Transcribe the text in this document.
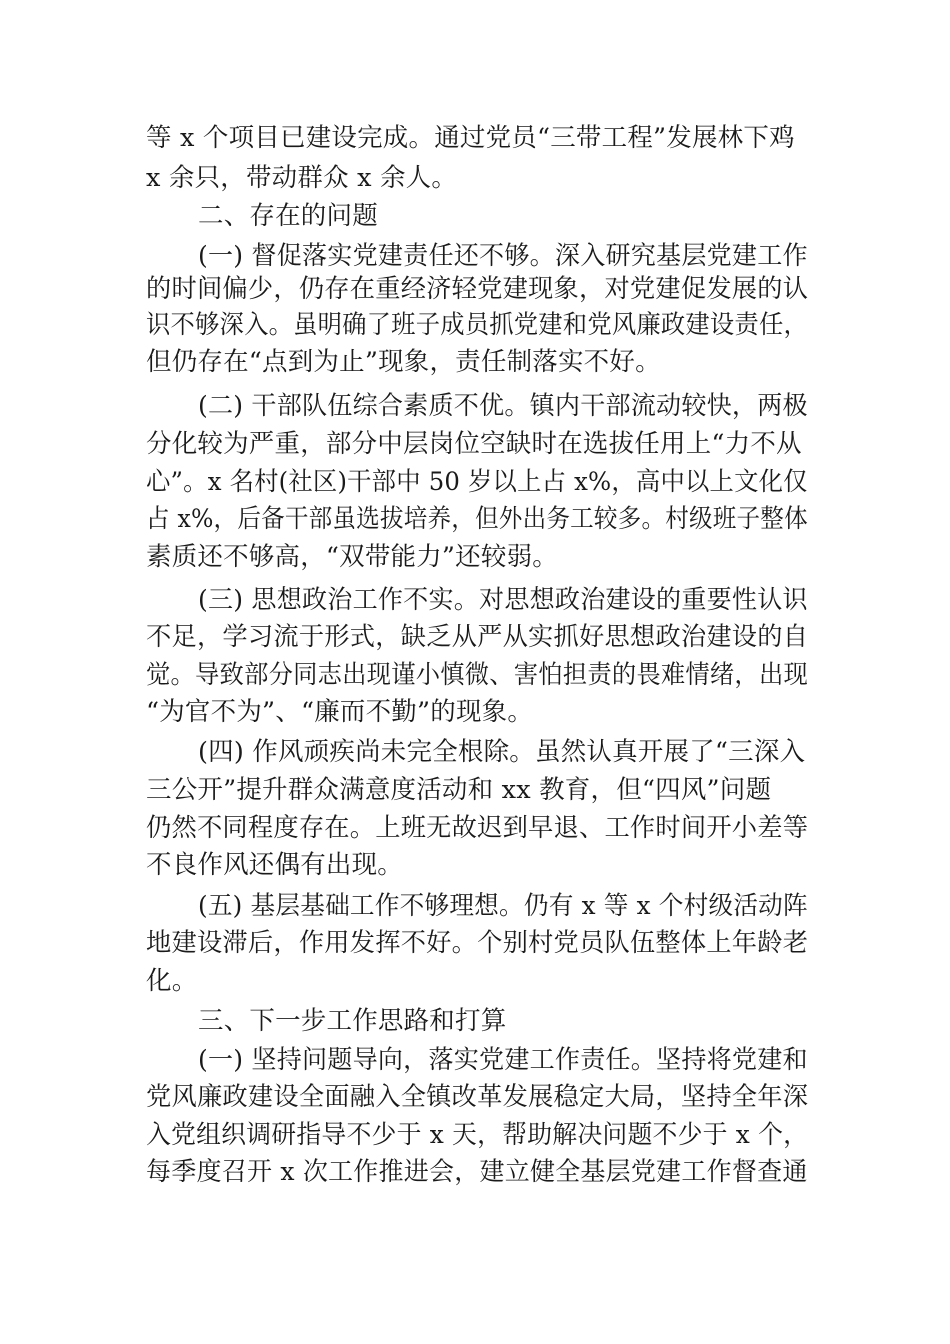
等 x 个项目已建设完成。通过党员“三带工程”发展林下鸡
x 余只，带动群众 x 余人。
二、存在的问题
(一) 督促落实党建责任还不够。深入研究基层党建工作
的时间偏少，仍存在重经济轻党建现象，对党建促发展的认
识不够深入。虽明确了班子成员抓党建和党风廉政建设责任，
但仍存在“点到为止”现象，责任制落实不好。
(二) 干部队伍综合素质不优。镇内干部流动较快，两极
分化较为严重，部分中层岗位空缺时在选拔任用上“力不从
心”。x 名村(社区)干部中 50 岁以上占 x%，高中以上文化仅
占 x%，后备干部虽选拔培养，但外出务工较多。村级班子整体
素质还不够高，“双带能力”还较弱。
(三) 思想政治工作不实。对思想政治建设的重要性认识
不足，学习流于形式，缺乏从严从实抓好思想政治建设的自
觉。导致部分同志出现谨小慎微、害怕担责的畏难情绪，出现
“为官不为”、“廉而不勤”的现象。
(四) 作风顽疾尚未完全根除。虽然认真开展了“三深入
三公开”提升群众满意度活动和 xx 教育，但“四风”问题
仍然不同程度存在。上班无故迟到早退、工作时间开小差等
不良作风还偶有出现。
(五) 基层基础工作不够理想。仍有 x 等 x 个村级活动阵
地建设滞后，作用发挥不好。个别村党员队伍整体上年龄老
化。
三、下一步工作思路和打算
(一) 坚持问题导向，落实党建工作责任。坚持将党建和
党风廉政建设全面融入全镇改革发展稳定大局，坚持全年深
入党组织调研指导不少于 x 天，帮助解决问题不少于 x 个，
每季度召开 x 次工作推进会，建立健全基层党建工作督查通
